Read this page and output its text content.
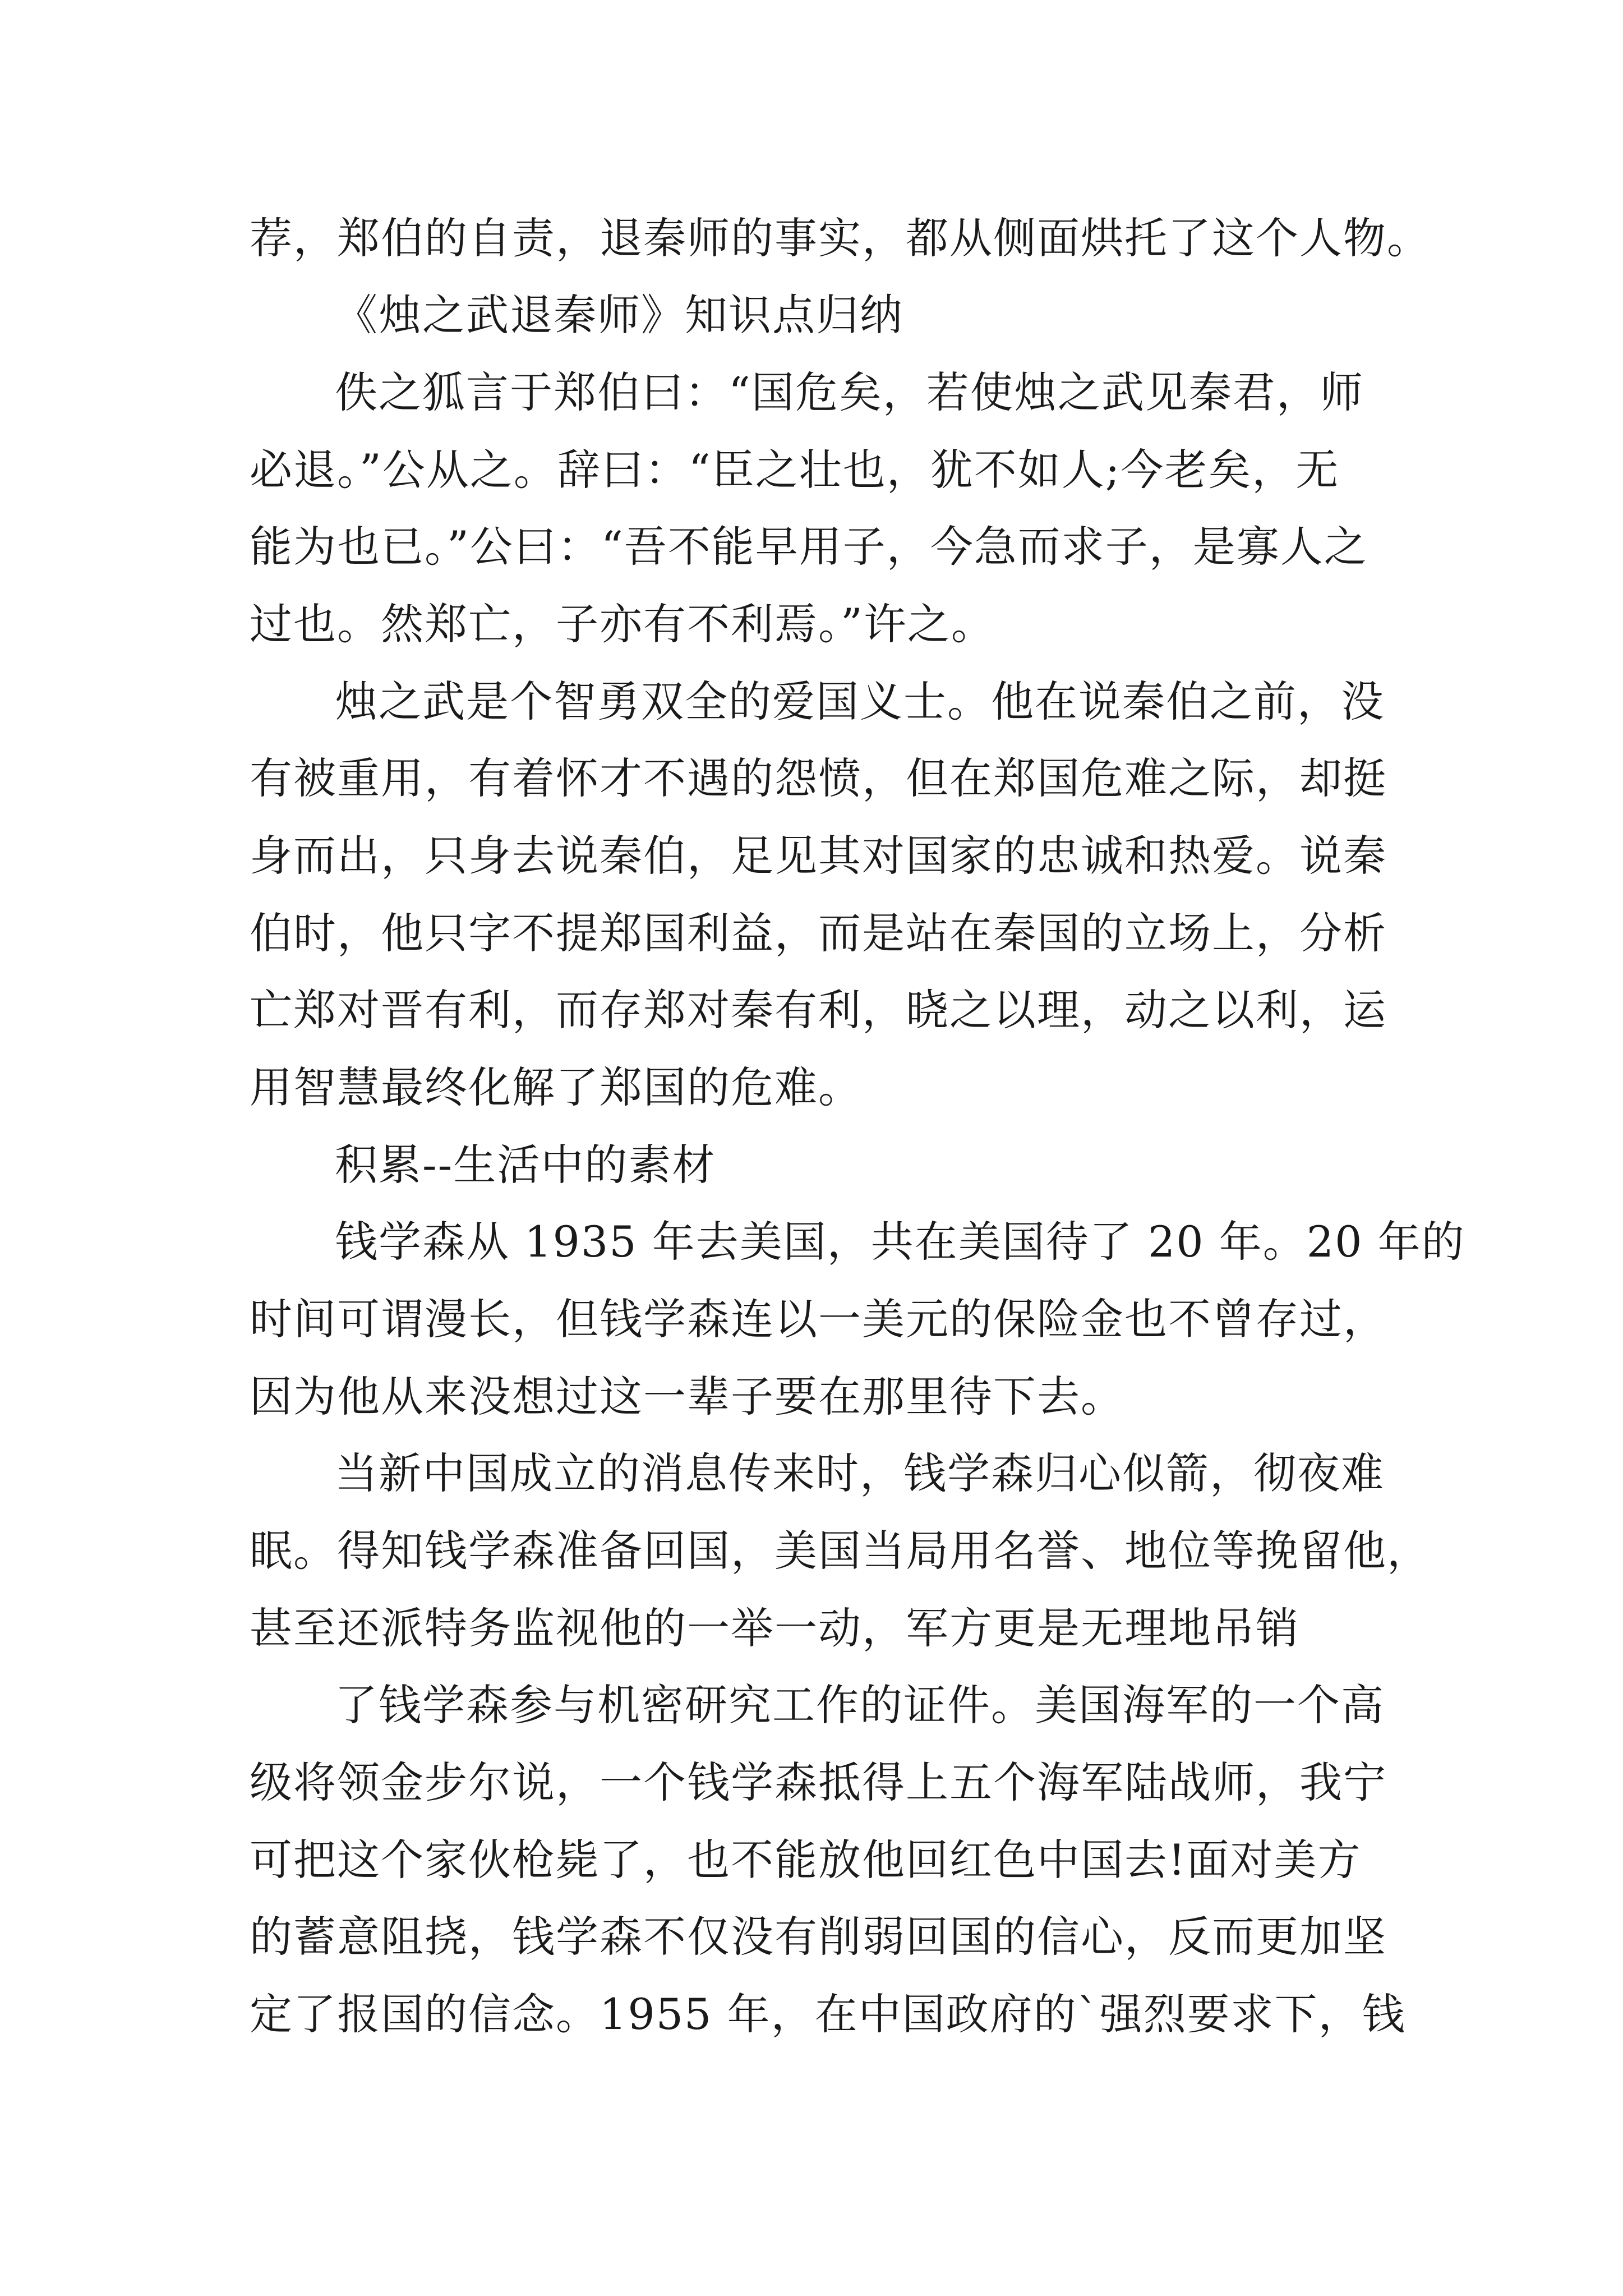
荐，郑伯的自责，退秦师的事实，都从侧面烘托了这个人物。
《烛之武退秦师》知识点归纳
佚之狐言于郑伯曰：“国危矣，若使烛之武见秦君，师
必退。”公从之。辞曰：“臣之壮也，犹不如人;今老矣，无
能为也已。”公曰：“吾不能早用子，今急而求子，是寡人之
过也。然郑亡，子亦有不利焉。”许之。
烛之武是个智勇双全的爱国义士。他在说秦伯之前，没
有被重用，有着怀才不遇的怨愤，但在郑国危难之际，却挺
身而出，只身去说秦伯，足见其对国家的忠诚和热爱。说秦
伯时，他只字不提郑国利益，而是站在秦国的立场上，分析
亡郑对晋有利，而存郑对秦有利，晓之以理，动之以利，运
用智慧最终化解了郑国的危难。
积累--生活中的素材
钱学森从 1935 年去美国，共在美国待了 20 年。20 年的
时间可谓漫长，但钱学森连以一美元的保险金也不曾存过，
因为他从来没想过这一辈子要在那里待下去。
当新中国成立的消息传来时，钱学森归心似箭，彻夜难
眠。得知钱学森准备回国，美国当局用名誉、地位等挽留他，
甚至还派特务监视他的一举一动，军方更是无理地吊销
了钱学森参与机密研究工作的证件。美国海军的一个高
级将领金步尔说，一个钱学森抵得上五个海军陆战师，我宁
可把这个家伙枪毙了，也不能放他回红色中国去!面对美方
的蓄意阻挠，钱学森不仅没有削弱回国的信心，反而更加坚
定了报国的信念。1955 年，在中国政府的`强烈要求下，钱
